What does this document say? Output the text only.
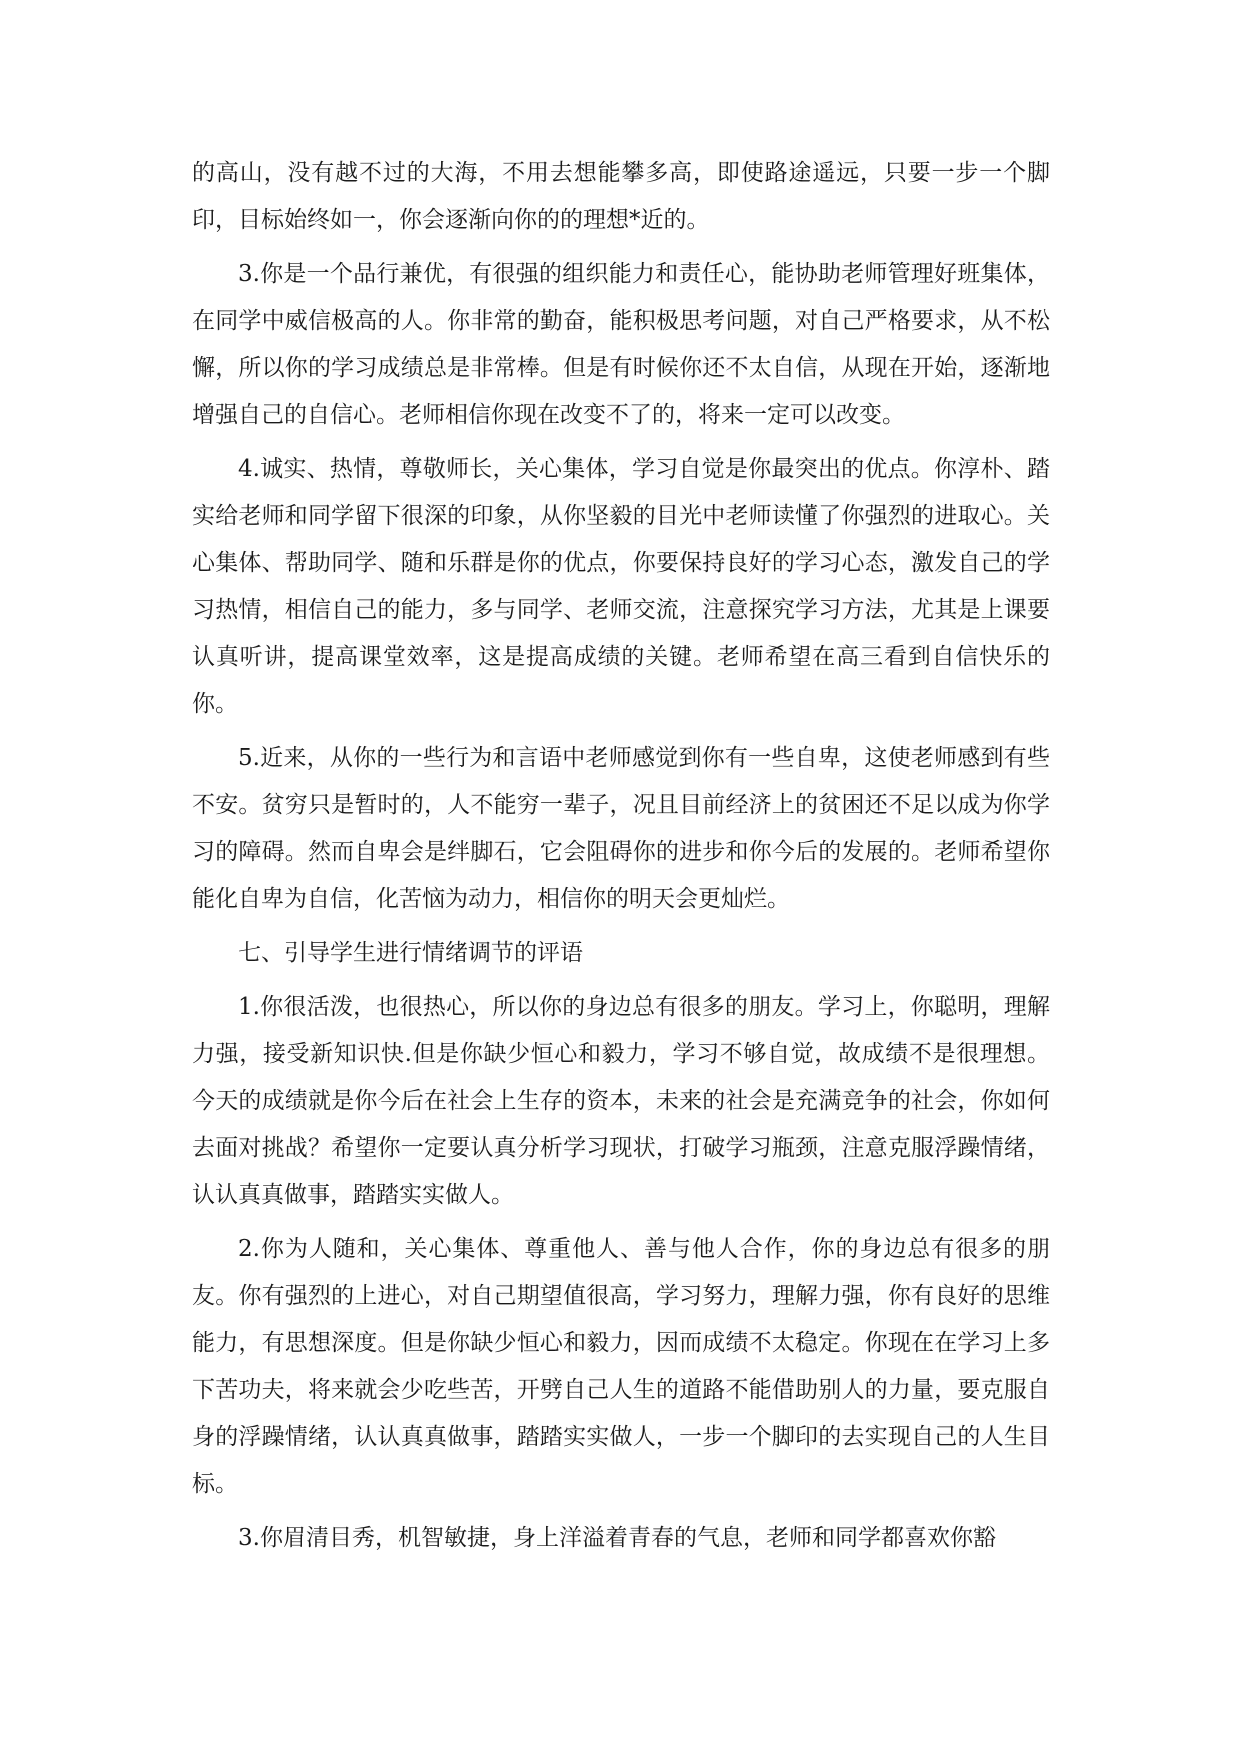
的高山，没有越不过的大海，不用去想能攀多高，即使路途遥远，只要一步一个脚印，目标始终如一，你会逐渐向你的的理想*近的。

3.你是一个品行兼优，有很强的组织能力和责任心，能协助老师管理好班集体，在同学中威信极高的人。你非常的勤奋，能积极思考问题，对自己严格要求，从不松懈，所以你的学习成绩总是非常棒。但是有时候你还不太自信，从现在开始，逐渐地增强自己的自信心。老师相信你现在改变不了的，将来一定可以改变。

4.诚实、热情，尊敬师长，关心集体，学习自觉是你最突出的优点。你淳朴、踏实给老师和同学留下很深的印象，从你坚毅的目光中老师读懂了你强烈的进取心。关心集体、帮助同学、随和乐群是你的优点，你要保持良好的学习心态，激发自己的学习热情，相信自己的能力，多与同学、老师交流，注意探究学习方法，尤其是上课要认真听讲，提高课堂效率，这是提高成绩的关键。老师希望在高三看到自信快乐的你。

5.近来，从你的一些行为和言语中老师感觉到你有一些自卑，这使老师感到有些不安。贫穷只是暂时的，人不能穷一辈子，况且目前经济上的贫困还不足以成为你学习的障碍。然而自卑会是绊脚石，它会阻碍你的进步和你今后的发展的。老师希望你能化自卑为自信，化苦恼为动力，相信你的明天会更灿烂。

七、引导学生进行情绪调节的评语

1.你很活泼，也很热心，所以你的身边总有很多的朋友。学习上，你聪明，理解力强，接受新知识快.但是你缺少恒心和毅力，学习不够自觉，故成绩不是很理想。今天的成绩就是你今后在社会上生存的资本，未来的社会是充满竞争的社会，你如何去面对挑战？希望你一定要认真分析学习现状，打破学习瓶颈，注意克服浮躁情绪，认认真真做事，踏踏实实做人。

2.你为人随和，关心集体、尊重他人、善与他人合作，你的身边总有很多的朋友。你有强烈的上进心，对自己期望值很高，学习努力，理解力强，你有良好的思维能力，有思想深度。但是你缺少恒心和毅力，因而成绩不太稳定。你现在在学习上多下苦功夫，将来就会少吃些苦，开劈自己人生的道路不能借助别人的力量，要克服自身的浮躁情绪，认认真真做事，踏踏实实做人，一步一个脚印的去实现自己的人生目标。

3.你眉清目秀，机智敏捷，身上洋溢着青春的气息，老师和同学都喜欢你豁
